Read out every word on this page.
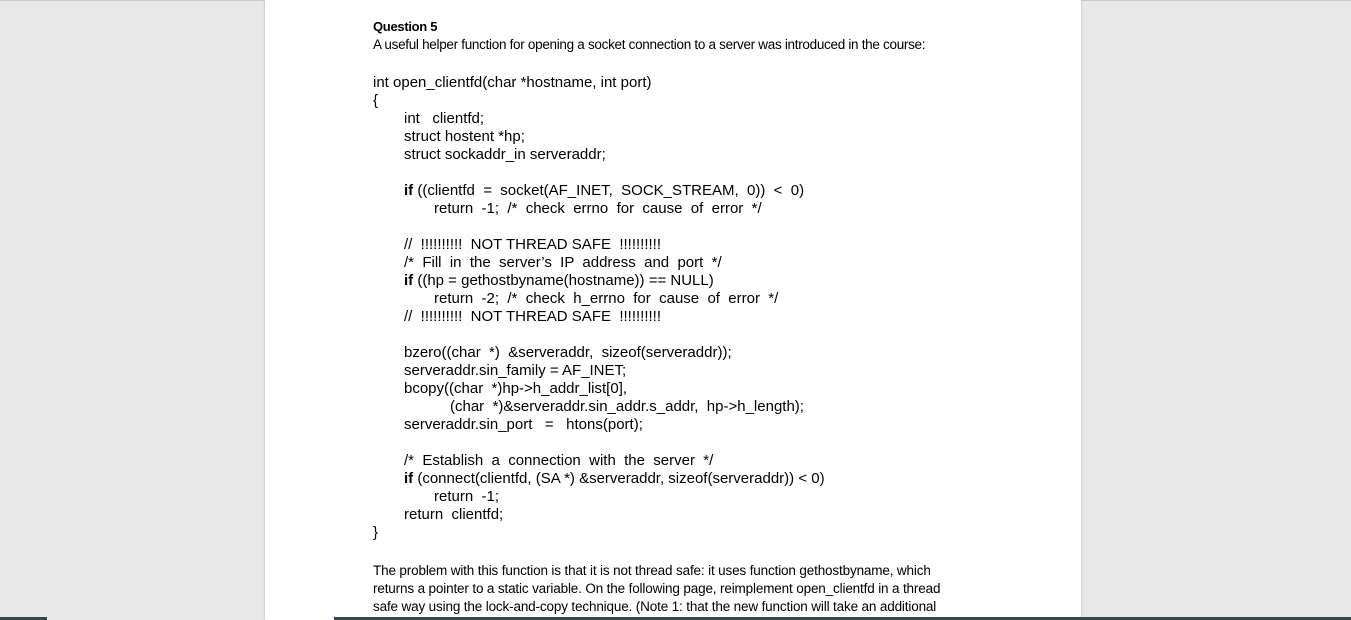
Question 5
A useful helper function for opening a socket connection to a server was introduced in the course:
int open_clientfd(char *hostname, int port)
{
int   clientfd;
struct hostent *hp;
struct sockaddr_in serveraddr;
if ((clientfd  =  socket(AF_INET,  SOCK_STREAM,  0))  <  0)
return  -1;  /*  check  errno  for  cause  of  error  */
//  !!!!!!!!!!  NOT THREAD SAFE  !!!!!!!!!!
/*  Fill  in  the  server’s  IP  address  and  port  */
if ((hp = gethostbyname(hostname)) == NULL)
return  -2;  /*  check  h_errno  for  cause  of  error  */
//  !!!!!!!!!!  NOT THREAD SAFE  !!!!!!!!!!
bzero((char  *)  &serveraddr,  sizeof(serveraddr));
serveraddr.sin_family = AF_INET;
bcopy((char  *)hp->h_addr_list[0],
(char  *)&serveraddr.sin_addr.s_addr,  hp->h_length);
serveraddr.sin_port   =   htons(port);
/*  Establish  a  connection  with  the  server  */
if (connect(clientfd, (SA *) &serveraddr, sizeof(serveraddr)) < 0)
return  -1;
return  clientfd;
}
The problem with this function is that it is not thread safe: it uses function gethostbyname, which
returns a pointer to a static variable. On the following page, reimplement open_clientfd in a thread
safe way using the lock-and-copy technique. (Note 1: that the new function will take an additional
